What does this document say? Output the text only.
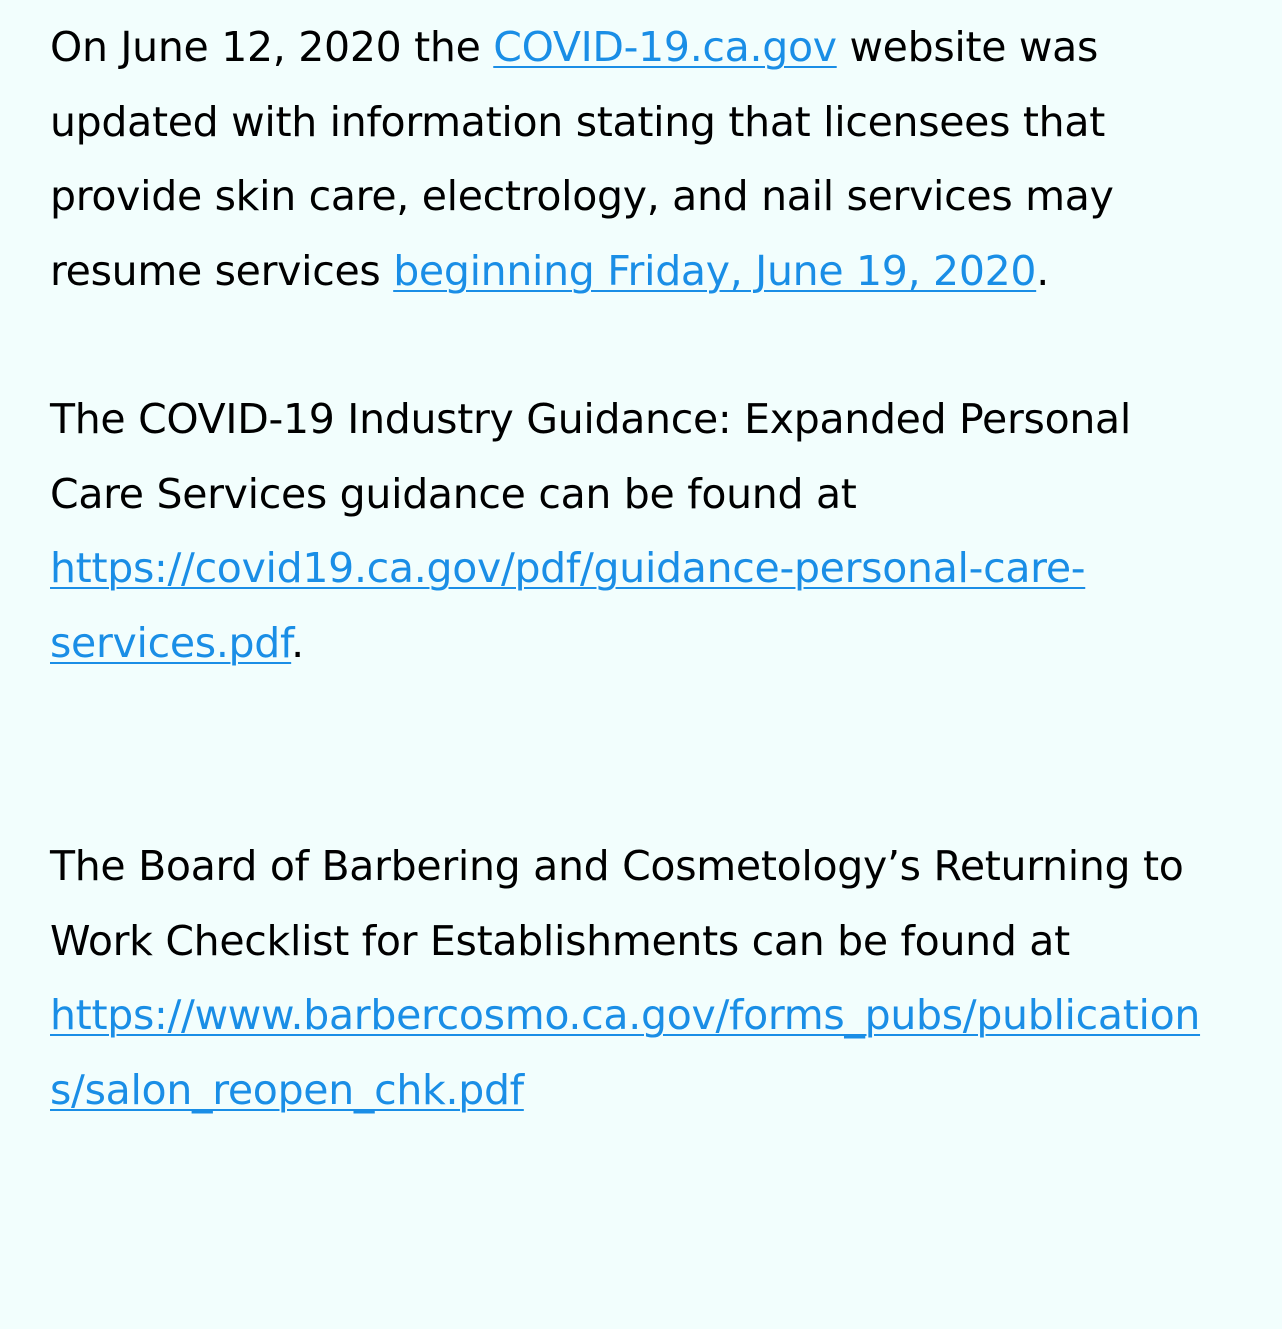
On June 12, 2020 the COVID-19.ca.gov website was updated with information stating that licensees that provide skin care, electrology, and nail services may resume services beginning Friday, June 19, 2020.

The COVID-19 Industry Guidance: Expanded Personal Care Services guidance can be found at https://covid19.ca.gov/pdf/guidance-personal-care-services.pdf.

The Board of Barbering and Cosmetology’s Returning to Work Checklist for Establishments can be found at https://www.barbercosmo.ca.gov/forms_pubs/publications/salon_reopen_chk.pdf
